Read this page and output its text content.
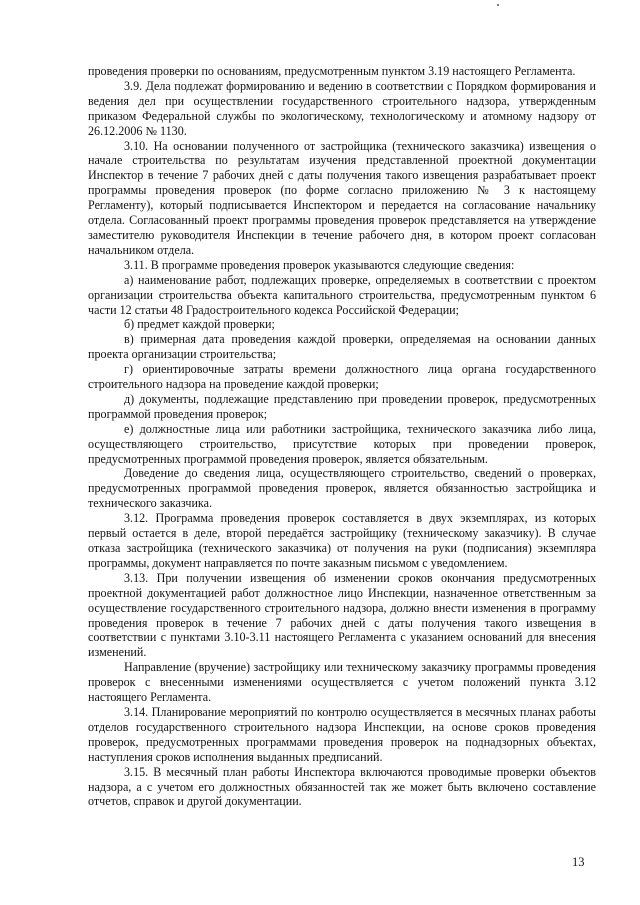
проведения проверки по основаниям, предусмотренным пунктом 3.19 настоящего Регламента.

3.9. Дела подлежат формированию и ведению в соответствии с Порядком формирования и ведения дел при осуществлении государственного строительного надзора, утвержденным приказом Федеральной службы по экологическому, технологическому и атомному надзору от 26.12.2006 № 1130.

3.10. На основании полученного от застройщика (технического заказчика) извещения о начале строительства по результатам изучения представленной проектной документации Инспектор в течение 7 рабочих дней с даты получения такого извещения разрабатывает проект программы проведения проверок (по форме согласно приложению № 3 к настоящему Регламенту), который подписывается Инспектором и передается на согласование начальнику отдела. Согласованный проект программы проведения проверок представляется на утверждение заместителю руководителя Инспекции в течение рабочего дня, в котором проект согласован начальником отдела.

3.11. В программе проведения проверок указываются следующие сведения:

а) наименование работ, подлежащих проверке, определяемых в соответствии с проектом организации строительства объекта капитального строительства, предусмотренным пунктом 6 части 12 статьи 48 Градостроительного кодекса Российской Федерации;

б) предмет каждой проверки;

в) примерная дата проведения каждой проверки, определяемая на основании данных проекта организации строительства;

г) ориентировочные затраты времени должностного лица органа государственного строительного надзора на проведение каждой проверки;

д) документы, подлежащие представлению при проведении проверок, предусмотренных программой проведения проверок;

е) должностные лица или работники застройщика, технического заказчика либо лица, осуществляющего строительство, присутствие которых при проведении проверок, предусмотренных программой проведения проверок, является обязательным.

Доведение до сведения лица, осуществляющего строительство, сведений о проверках, предусмотренных программой проведения проверок, является обязанностью застройщика и технического заказчика.

3.12. Программа проведения проверок составляется в двух экземплярах, из которых первый остается в деле, второй передаётся застройщику (техническому заказчику). В случае отказа застройщика (технического заказчика) от получения на руки (подписания) экземпляра программы, документ направляется по почте заказным письмом с уведомлением.

3.13. При получении извещения об изменении сроков окончания предусмотренных проектной документацией работ должностное лицо Инспекции, назначенное ответственным за осуществление государственного строительного надзора, должно внести изменения в программу проведения проверок в течение 7 рабочих дней с даты получения такого извещения в соответствии с пунктами 3.10-3.11 настоящего Регламента с указанием оснований для внесения изменений.

Направление (вручение) застройщику или техническому заказчику программы проведения проверок с внесенными изменениями осуществляется с учетом положений пункта 3.12 настоящего Регламента.

3.14. Планирование мероприятий по контролю осуществляется в месячных планах работы отделов государственного строительного надзора Инспекции, на основе сроков проведения проверок, предусмотренных программами проведения проверок на поднадзорных объектах, наступления сроков исполнения выданных предписаний.

3.15. В месячный план работы Инспектора включаются проводимые проверки объектов надзора, а с учетом его должностных обязанностей так же может быть включено составление отчетов, справок и другой документации.

13
